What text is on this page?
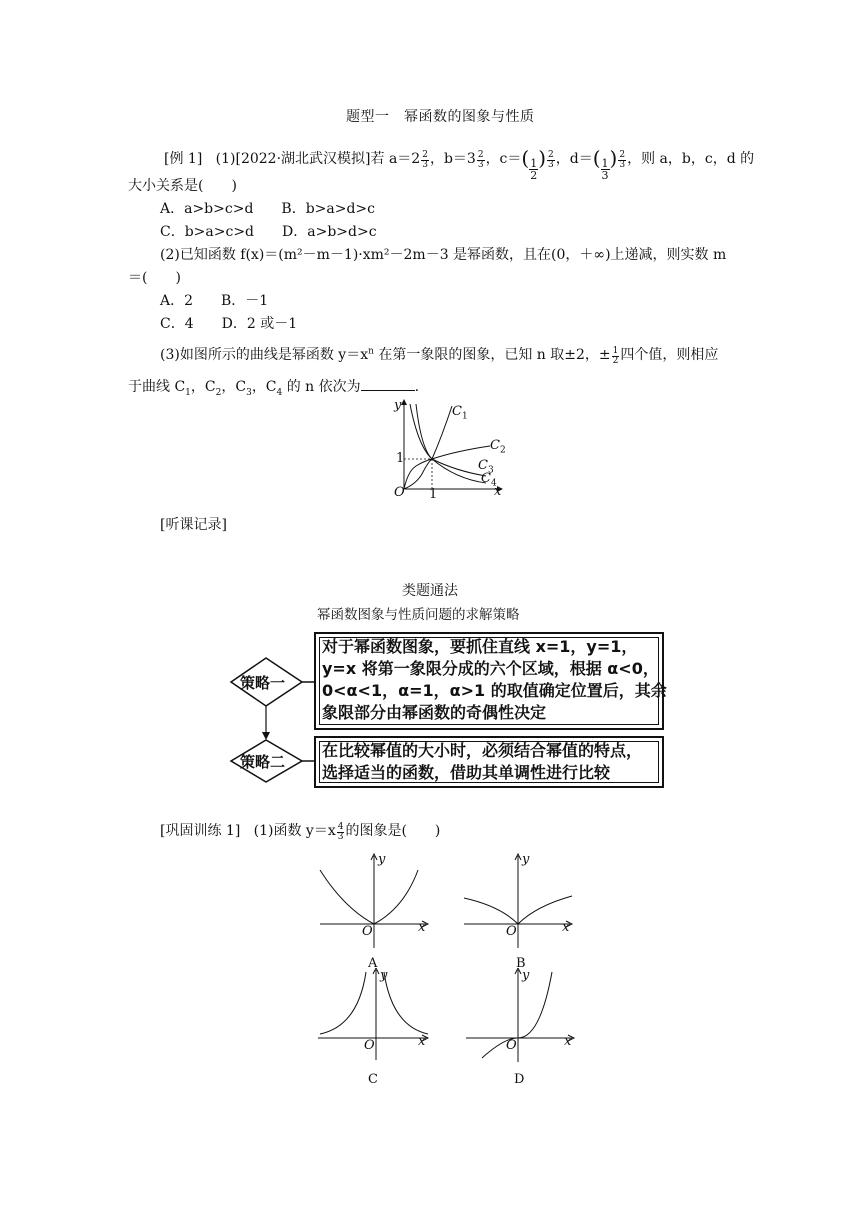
题型一　幂函数的图象与性质
[例 1] (1)[2022·湖北武汉模拟]若 $a=2 \frac{2}{3}$ ，$b=3 \frac{2}{3}$ ，$c=( \frac{1}{2}$ ) $\frac{2}{3}$ ，$d=( \frac{1}{3}$ ) $\frac{2}{3}$ ，则 a，b，c，d 的
大小关系是(　　)
A．a>b>c>d　　B．b>a>d>c
C．b>a>c>d　　D．a>b>d>c
(2)已知函数 f(x)＝(m²－m－1)·xm²－2m－3 是幂函数，且在(0，＋∞)上递减，则实数 m
＝(　　)
A．2　　B．－1
C．4　　D．2 或－1
(3)如图所示的曲线是幂函数 $y=x^n$ 在第一象限的图象，已知 n 取±2，± $\frac{1}{2}$ 四个值，则相应
于曲线 $C_1$，$C_2$，$C_3$，$C_4$ 的 n 依次为	.
y
x
O 1
1
$C_1$
$C_2$
$C_3$
$C_4$
[听课记录]
类题通法
幂函数图象与性质问题的求解策略
策略一
策略二
对于幂函数图象，要抓住直线 x=1，y=1，
y=x 将第一象限分成的六个区域，根据 α<0，
0<α<1，α=1，α>1 的取值确定位置后，其余
象限部分由幂函数的奇偶性决定
在比较幂值的大小时，必须结合幂值的特点，
选择适当的函数，借助其单调性进行比较
[巩固训练 1] (1)函数 $y=x \frac{4}{3}$ 的图象是(　　)
y
x
O
A
y
x
O
B
y
x
O
C
y
x
O
D
